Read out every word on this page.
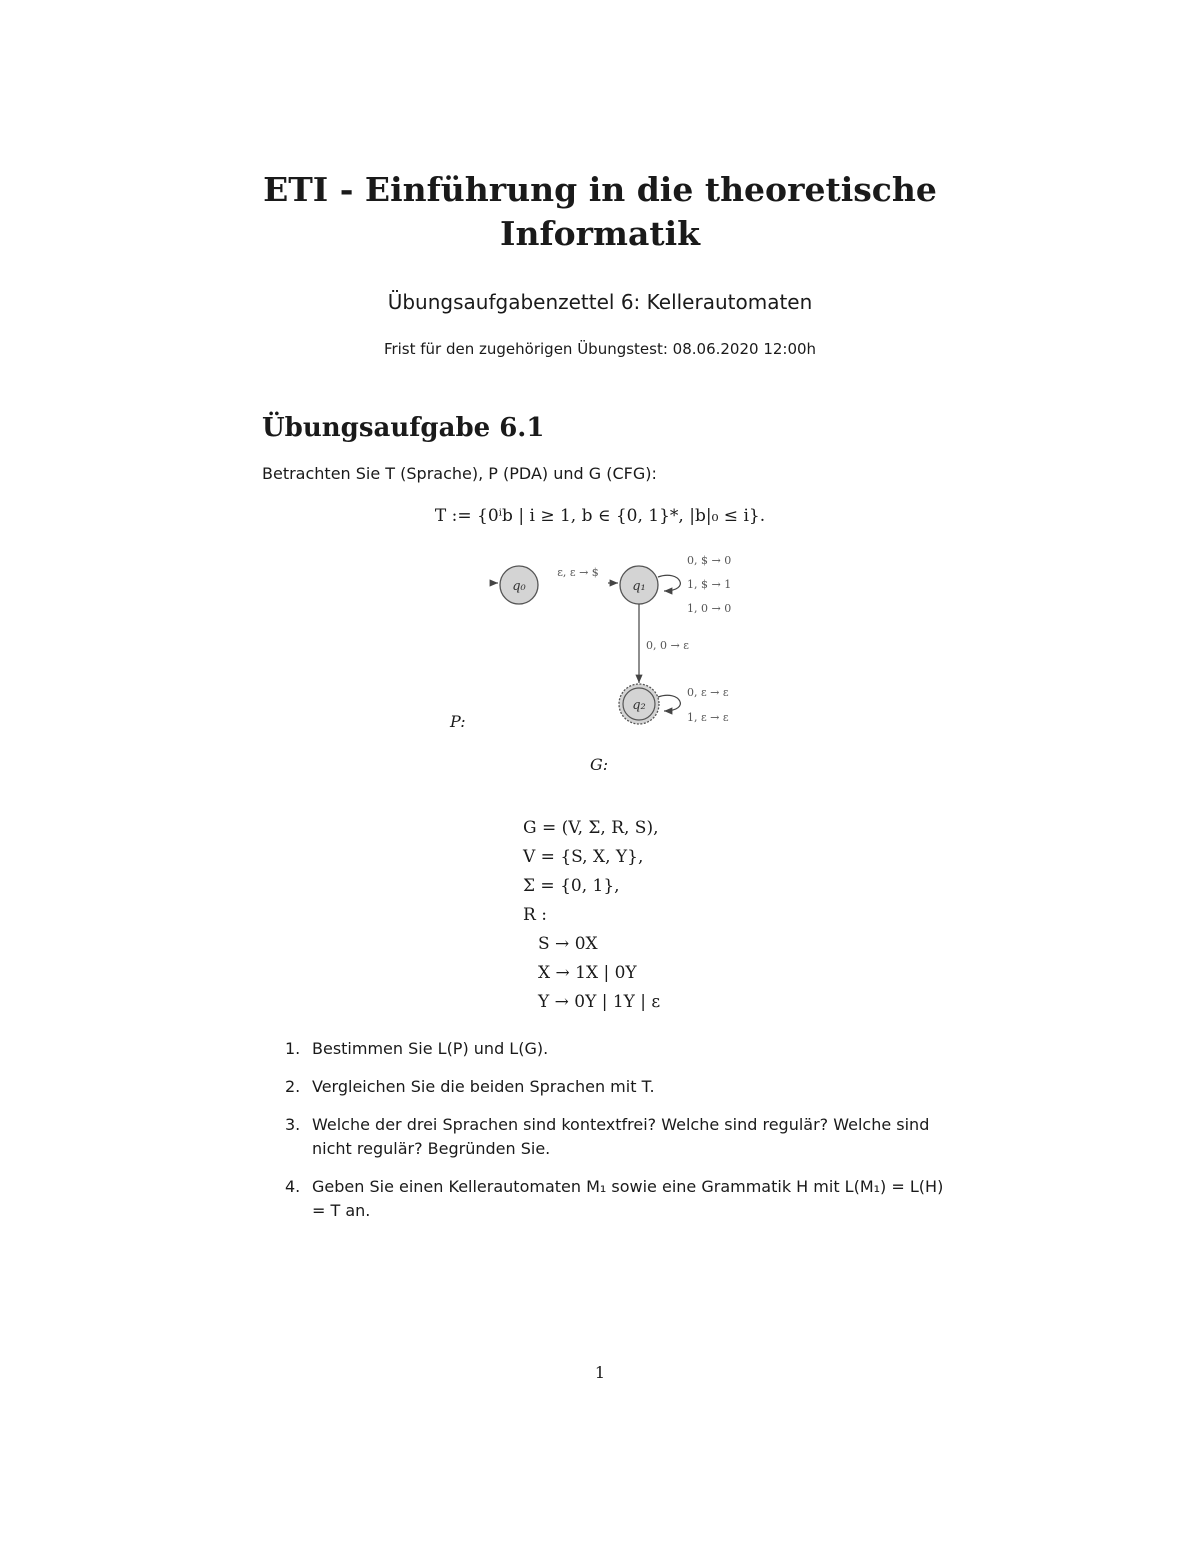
ETI - Einführung in die theoretische
Informatik
Übungsaufgabenzettel 6: Kellerautomaten
Frist für den zugehörigen Übungstest: 08.06.2020 12:00h
Übungsaufgabe 6.1
Betrachten Sie T (Sprache), P (PDA) und G (CFG):
T := {0ⁱb | i ≥ 1, b ∈ {0, 1}*, |b|₀ ≤ i}.
q₀
ε, ε → $
q₁
0, $ → 0
1, $ → 1
1, 0 → 0
0, 0 → ε
q₂
0, ε → ε
1, ε → ε
P:
G:
G = (V, Σ, R, S),
V = {S, X, Y},
Σ = {0, 1},
R :
S → 0X
X → 1X | 0Y
Y → 0Y | 1Y | ε
1. Bestimmen Sie L(P) und L(G).
2. Vergleichen Sie die beiden Sprachen mit T.
3. Welche der drei Sprachen sind kontextfrei? Welche sind regulär? Welche sind nicht regulär? Begründen Sie.
4. Geben Sie einen Kellerautomaten M₁ sowie eine Grammatik H mit L(M₁) = L(H) = T an.
1
